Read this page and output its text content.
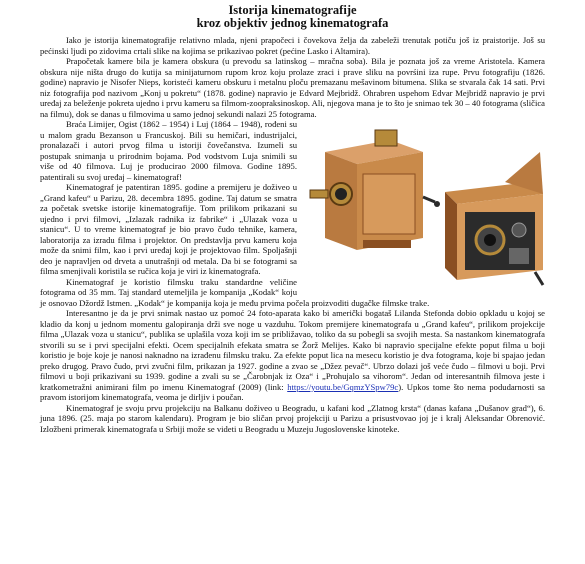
Istorija kinematografije
kroz objektiv jednog kinematografa

Iako je istorija kinematografije relativno mlada, njeni prapočeci i čovekova želja da zabeleži trenutak potiču još iz praistorije. Još su pećinski ljudi po zidovima crtali slike na kojima se prikazivao pokret (pećine Lasko i Altamira).

Prapočetak kamere bila je kamera obskura (u prevodu sa latinskog – mračna soba). Bila je poznata još za vreme Aristotela. Kamera obskura nije ništa drugo do kutija sa minijaturnom rupom kroz koju prolaze zraci i prave sliku na povrśini iza rupe. Prvu fotografiju (1826. godine) napravio je Nisofer Nieps, koristeći kameru obskuru i metalnu ploču premazanu mešavinom bitumena. Slika se stvarala čak 14 sati. Prvi niz fotografija pod nazivom „Konj u pokretu“ (1878. godine) napravio je Edvard Mejbridž. Ohrabren uspehom Edvar Mejbridž napravio je prvi uređaj za beleženje pokreta ujedno i prvu kameru sa filmom-zoopraksinoskop. Ali, njegova mana je to što je snimao tek 30 – 40 fotograma (sličica na filmu), dok se danas u filmovima u samo jednoj sekundi nalazi 25 fotograma.

Braća Limijer, Ogist (1862 – 1954) i Luj (1864 – 1948), rođeni su u malom gradu Bezanson u Francuskoj. Bili su hemičari, industrijalci, pronalazači i autori prvog filma u istoriji čovečanstva. Izumeli su postupak snimanja u prirodnim bojama. Pod vodstvom Luja snimili su više od 40 filmova. Luj je producirao 2000 filmova. Godine 1895. patentirali su svoj uređaj – kinematograf!

Kinematograf je patentiran 1895. godine a premijeru je doživeo u „Grand kafeu“ u Parizu, 28. decembra 1895. godine. Taj datum se smatra za početak svetske istorije kinematografije. Tom prilikom prikazani su ujedno i prvi filmovi, „Izlazak radnika iz fabrike“ i „Ulazak voza u stanicu“. U to vreme kinematograf je bio pravo čudo tehnike, kamera, laboratorija za izradu filma i projektor. On predstavlja prvu kameru koja može da snimi film, kao i prvi uređaj koji je projektovao film. Spoljašnji deo je napravljen od drveta a unutrašnji od metala. Da bi se fotogrami sa filma smenjivali koristila se ručica koja je viri iz kinematografa.

Kinematograf je koristio filmsku traku standardne veličine fotograma od 35 mm. Taj standard utemeljila je kompanija „Kodak“ koju je osnovao Džordž Istmen. „Kodak“ je kompanija koja je među prvima počela proizvoditi dugačke filmske trake.

Interesantno je da je prvi snimak nastao uz pomoć 24 foto-aparata kako bi američki bogataš Lilanda Stefonda dobio opkladu u kojoj se kladio da konj u jednom momentu galopiranja drži sve noge u vazduhu. Tokom premijere kinematografa u „Grand kafeu“, prilikom projekcije filma „Ulazak voza u stanicu“, publika se uplašila voza koji im se približavao, toliko da su pobegli sa svojih mesta. Sa nastankom kinematografa stvorili su se i prvi specijalni efekti. Ocem specijalnih efekata smatra se Žorž Melijes. Kako bi napravio specijalne efekte poput filma u boji koristio je boje koje je nanosi naknadno na izrađenu filmsku traku. Za efekte poput lica na mesecu koristio je dva fotograma, koje bi spajao jedan preko drugog. Pravo čudo, prvi zvučni film, prikazan ja 1927. godine a zvao se „Džez pevač“. Ubrzo dolazi još veće čudo – filmovi u boji. Prvi filmovi u boji prikazivani su 1939. godine a zvali su se „Čarobnjak iz Oza“ i „Prohujalo sa vihorom“. Jedan od interesantnih filmova jeste i kratkometražni animirani film po imenu Kinematograf (2009) (link: https://youtu.be/GqmzYSpw79c). Upkos tome što nema podudarnosti sa pravom istorijom kinematografa, veoma je dirljiv i poučan.

Kinematograf je svoju prvu projekciju na Balkanu doživeo u Beogradu, u kafani kod „Zlatnog krsta“ (danas kafana „Dušanov grad“), 6. juna 1896. (25. maja po starom kalendaru). Program je bio sličan prvoj projekciji u Parizu a prisustvovao joj je i kralj Aleksandar Obrenović. Izložbeni primerak kinematografa u Srbiji može se videti u Beogradu u Muzeju Jugoslovenske kinoteke.
